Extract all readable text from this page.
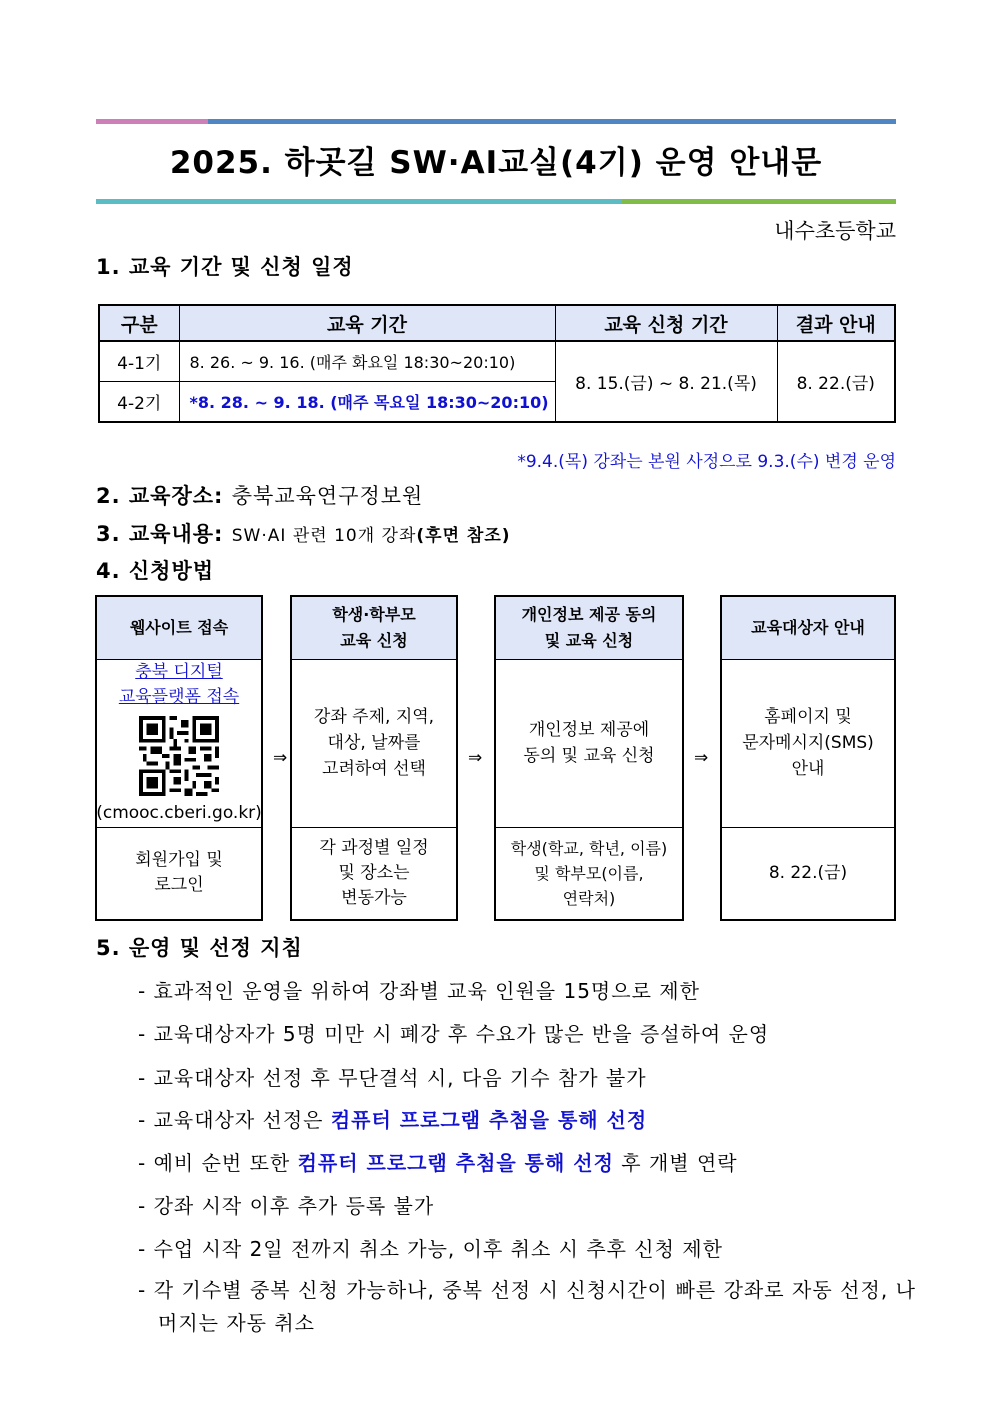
2025. 하곳길 SW·AI교실(4기) 운영 안내문
내수초등학교
1. 교육 기간 및 신청 일정
구분	교육 기간	교육 신청 기간	결과 안내
4-1기	8. 26. ~ 9. 16. (매주 화요일 18:30~20:10)	8. 15.(금) ~ 8. 21.(목)	8. 22.(금)
4-2기	*8. 28. ~ 9. 18. (매주 목요일 18:30~20:10)		
*9.4.(목) 강좌는 본원 사정으로 9.3.(수) 변경 운영
2. 교육장소: 충북교육연구정보원
3. 교육내용: SW·AI 관련 10개 강좌(후면 참조)
4. 신청방법
웹사이트 접속
충북 디지털
교육플랫폼 접속
(cmooc.cberi.go.kr)
회원가입 및
로그인
⇒
학생·학부모
교육 신청
강좌 주제, 지역,
대상, 날짜를
고려하여 선택
각 과정별 일정
및 장소는
변동가능
⇒
개인정보 제공 동의
및 교육 신청
개인정보 제공에
동의 및 교육 신청
학생(학교, 학년, 이름)
및 학부모(이름,
연락처)
⇒
교육대상자 안내
홈페이지 및
문자메시지(SMS)
안내
8. 22.(금)
5. 운영 및 선정 지침
- 효과적인 운영을 위하여 강좌별 교육 인원을 15명으로 제한
- 교육대상자가 5명 미만 시 폐강 후 수요가 많은 반을 증설하여 운영
- 교육대상자 선정 후 무단결석 시, 다음 기수 참가 불가
- 교육대상자 선정은 컴퓨터 프로그램 추첨을 통해 선정
- 예비 순번 또한 컴퓨터 프로그램 추첨을 통해 선정 후 개별 연락
- 강좌 시작 이후 추가 등록 불가
- 수업 시작 2일 전까지 취소 가능, 이후 취소 시 추후 신청 제한
- 각 기수별 중복 신청 가능하나, 중복 선정 시 신청시간이 빠른 강좌로 자동 선정, 나머지는 자동 취소
